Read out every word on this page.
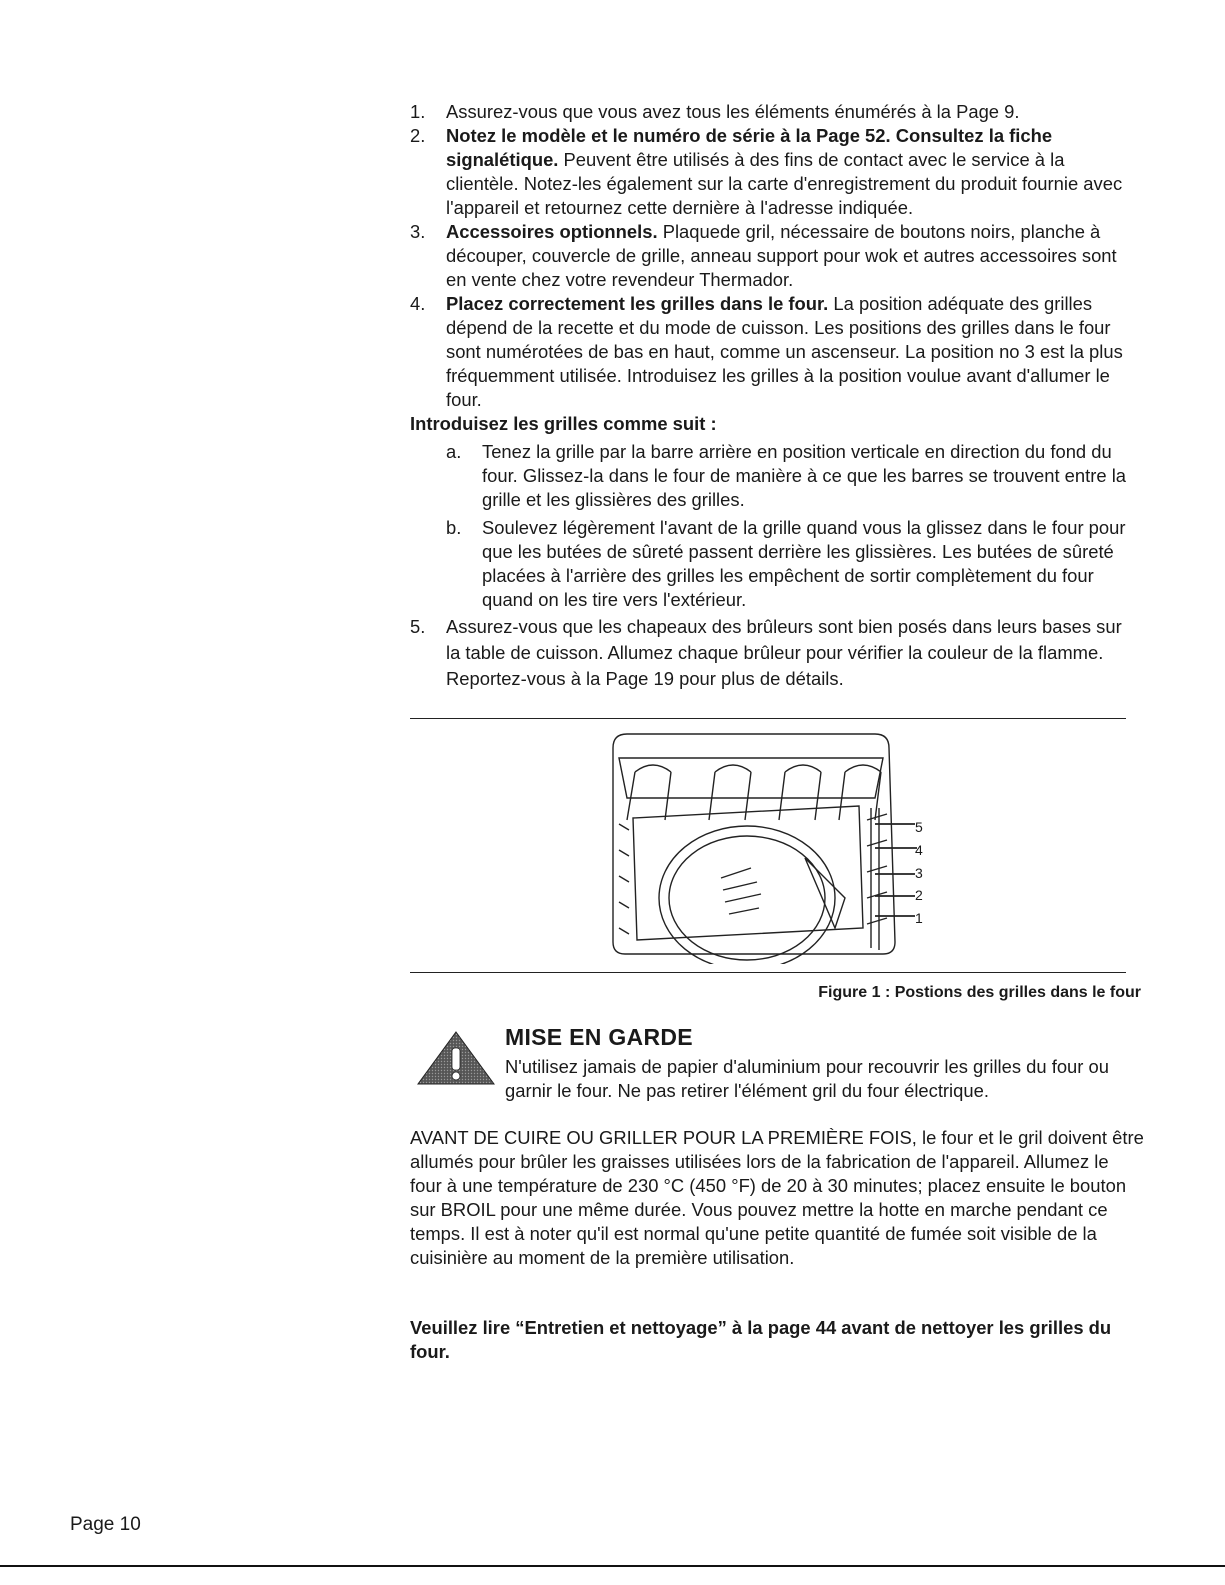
1.	Assurez-vous que vous avez tous les éléments énumérés à la Page 9.

2.	Notez le modèle et le numéro de série à la Page 52. Consultez la fiche signalétique. Peuvent être utilisés à des fins de contact avec le service à la clientèle. Notez-les également sur la carte d'enregistrement du produit fournie avec l'appareil et retournez cette dernière à l'adresse indiquée.

3.	Accessoires optionnels. Plaquede gril, nécessaire de boutons noirs, planche à découper, couvercle de grille, anneau support pour wok et autres accessoires sont en vente chez votre revendeur Thermador.

4.	Placez correctement les grilles dans le four. La position adéquate des grilles dépend de la recette et du mode de cuisson. Les positions des grilles dans le four sont numérotées de bas en haut, comme un ascenseur. La position no 3 est la plus fréquemment utilisée. Introduisez les grilles à la position voulue avant d'allumer le four.

Introduisez les grilles comme suit :

a. Tenez la grille par la barre arrière en position verticale en direction du fond du four. Glissez-la dans le four de manière à ce que les barres se trouvent entre la grille et les glissières des grilles.

b. Soulevez légèrement l'avant de la grille quand vous la glissez dans le four pour que les butées de sûreté passent derrière les glissières. Les butées de sûreté placées à l'arrière des grilles les empêchent de sortir complètement du four quand on les tire vers l'extérieur.

5.	Assurez-vous que les chapeaux des brûleurs sont bien posés dans leurs bases sur la table de cuisson. Allumez chaque brûleur pour vérifier la couleur de la flamme. Reportez-vous à la Page 19 pour plus de détails.

5
4
3
2
1
Figure 1 : Postions des grilles dans le four
MISE EN GARDE
N'utilisez jamais de papier d'aluminium pour recouvrir les grilles du four ou garnir le four. Ne pas retirer l'élément gril du four électrique.
AVANT DE CUIRE OU GRILLER POUR LA PREMIÈRE FOIS, le four et le gril doivent être allumés pour brûler les graisses utilisées lors de la fabrication de l'appareil. Allumez le four à une température de 230 °C (450 °F) de 20 à 30 minutes; placez ensuite le bouton sur BROIL pour une même durée. Vous pouvez mettre la hotte en marche pendant ce temps. Il est à noter qu'il est normal qu'une petite quantité de fumée soit visible de la cuisinière au moment de la première utilisation.
Veuillez lire “Entretien et nettoyage” à la page 44 avant de nettoyer les grilles du four.
Page 10
